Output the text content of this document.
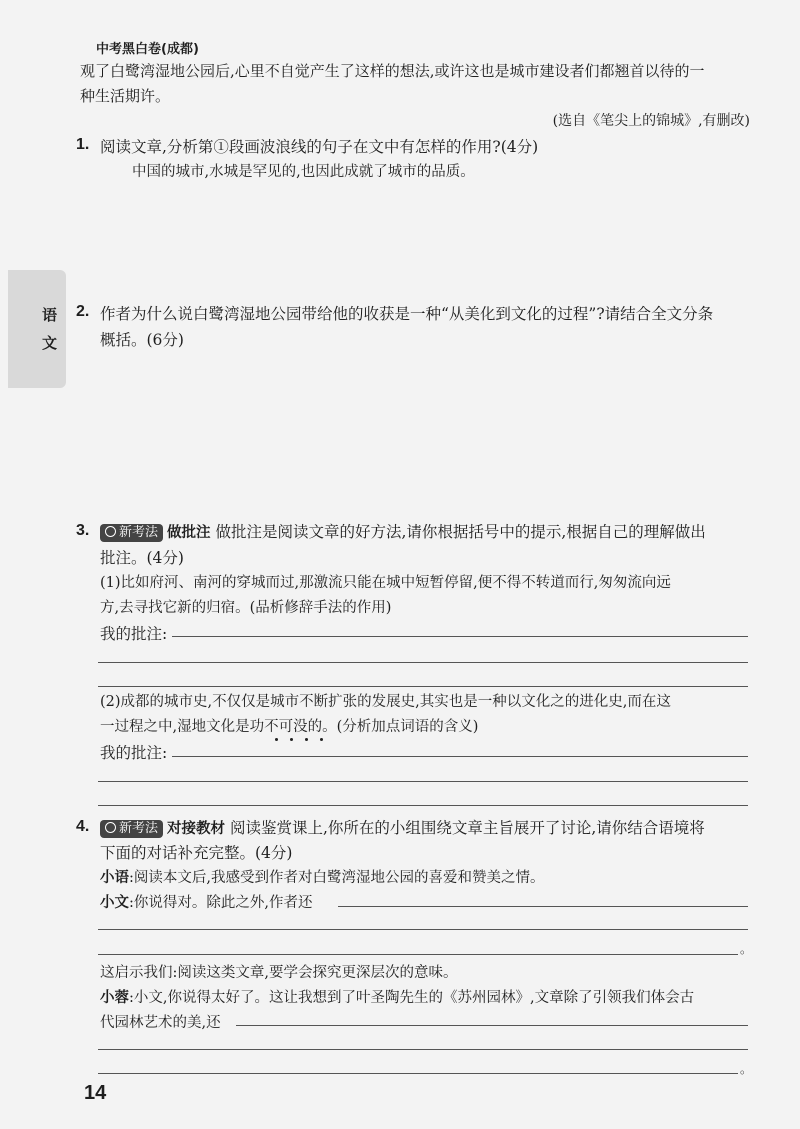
中考黑白卷(成都)
观了白鹭湾湿地公园后,心里不自觉产生了这样的想法,或许这也是城市建设者们都翘首以待的一
种生活期许。
(选自《笔尖上的锦城》,有删改)
1. 阅读文章,分析第①段画波浪线的句子在文中有怎样的作用?(4分)
中国的城市,水城是罕见的,也因此成就了城市的品质。
语
文
2. 作者为什么说白鹭湾湿地公园带给他的收获是一种“从美化到文化的过程”?请结合全文分条
概括。(6分)
3.	新考法 做批注 做批注是阅读文章的好方法,请你根据括号中的提示,根据自己的理解做出
批注。(4分)
(1)比如府河、南河的穿城而过,那激流只能在城中短暂停留,便不得不转道而行,匆匆流向远
方,去寻找它新的归宿。(品析修辞手法的作用)
我的批注:
(2)成都的城市史,不仅仅是城市不断扩张的发展史,其实也是一种以文化之的进化史,而在这
一过程之中,湿地文化是功不可没的。(分析加点词语的含义)
我的批注:
4.	新考法 对接教材 阅读鉴赏课上,你所在的小组围绕文章主旨展开了讨论,请你结合语境将
下面的对话补充完整。(4分)
小语:阅读本文后,我感受到作者对白鹭湾湿地公园的喜爱和赞美之情。
小文:你说得对。除此之外,作者还
。
这启示我们:阅读这类文章,要学会探究更深层次的意味。
小蓉:小文,你说得太好了。这让我想到了叶圣陶先生的《苏州园林》,文章除了引领我们体会古
代园林艺术的美,还
。
14
